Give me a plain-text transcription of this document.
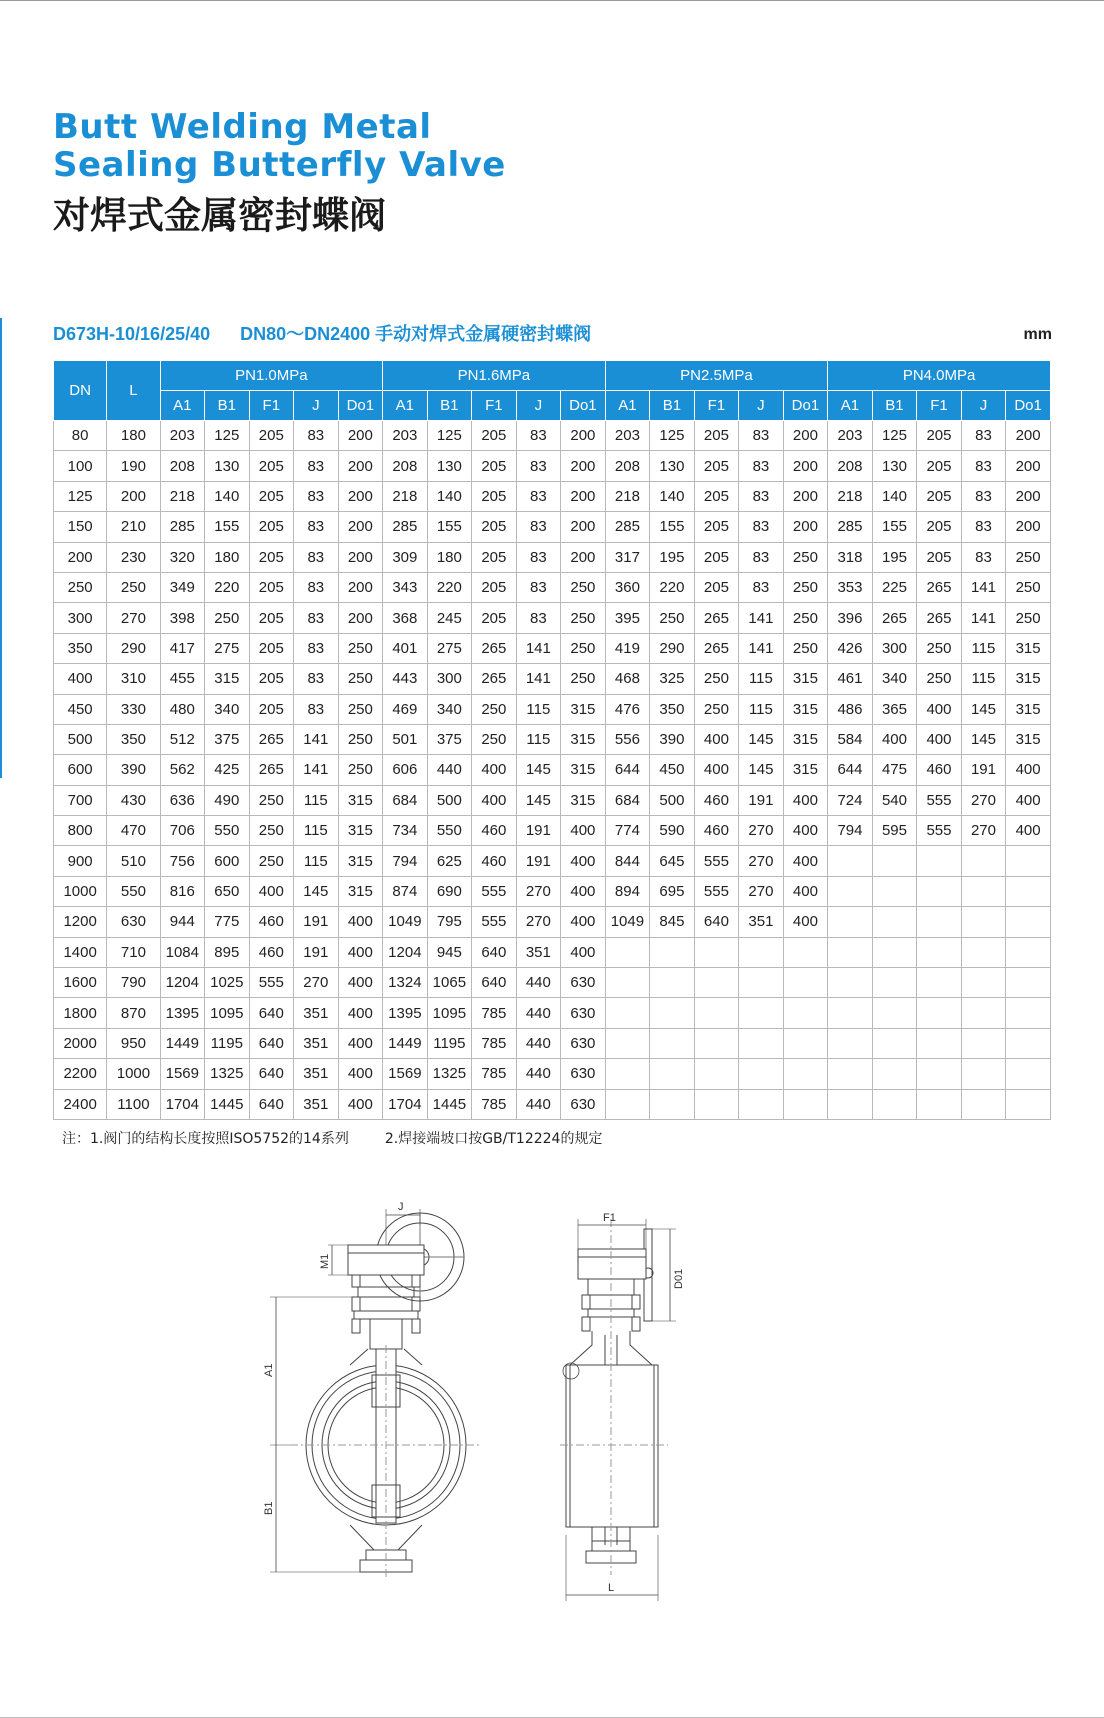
Butt Welding Metal
Sealing Butterfly Valve
对焊式金属密封蝶阀
D673H-10/16/25/40 DN80～DN2400 手动对焊式金属硬密封蝶阀	mm
DN	L	PN1.0MPa					PN1.6MPa					PN2.5MPa					PN4.0MPa				
		A1	B1	F1	J	Do1	A1	B1	F1	J	Do1	A1	B1	F1	J	Do1	A1	B1	F1	J	Do1
80	180	203	125	205	83	200	203	125	205	83	200	203	125	205	83	200	203	125	205	83	200
100	190	208	130	205	83	200	208	130	205	83	200	208	130	205	83	200	208	130	205	83	200
125	200	218	140	205	83	200	218	140	205	83	200	218	140	205	83	200	218	140	205	83	200
150	210	285	155	205	83	200	285	155	205	83	200	285	155	205	83	200	285	155	205	83	200
200	230	320	180	205	83	200	309	180	205	83	200	317	195	205	83	250	318	195	205	83	250
250	250	349	220	205	83	200	343	220	205	83	250	360	220	205	83	250	353	225	265	141	250
300	270	398	250	205	83	200	368	245	205	83	250	395	250	265	141	250	396	265	265	141	250
350	290	417	275	205	83	250	401	275	265	141	250	419	290	265	141	250	426	300	250	115	315
400	310	455	315	205	83	250	443	300	265	141	250	468	325	250	115	315	461	340	250	115	315
450	330	480	340	205	83	250	469	340	250	115	315	476	350	250	115	315	486	365	400	145	315
500	350	512	375	265	141	250	501	375	250	115	315	556	390	400	145	315	584	400	400	145	315
600	390	562	425	265	141	250	606	440	400	145	315	644	450	400	145	315	644	475	460	191	400
700	430	636	490	250	115	315	684	500	400	145	315	684	500	460	191	400	724	540	555	270	400
800	470	706	550	250	115	315	734	550	460	191	400	774	590	460	270	400	794	595	555	270	400
900	510	756	600	250	115	315	794	625	460	191	400	844	645	555	270	400					
1000	550	816	650	400	145	315	874	690	555	270	400	894	695	555	270	400					
1200	630	944	775	460	191	400	1049	795	555	270	400	1049	845	640	351	400					
1400	710	1084	895	460	191	400	1204	945	640	351	400										
1600	790	1204	1025	555	270	400	1324	1065	640	440	630										
1800	870	1395	1095	640	351	400	1395	1095	785	440	630										
2000	950	1449	1195	640	351	400	1449	1195	785	440	630										
2200	1000	1569	1325	640	351	400	1569	1325	785	440	630										
2400	1100	1704	1445	640	351	400	1704	1445	785	440	630										
注：1.阀门的结构长度按照ISO5752的14系列	2.焊接端坡口按GB/T12224的规定
J
M1
A1
B1
F1
D01
L
